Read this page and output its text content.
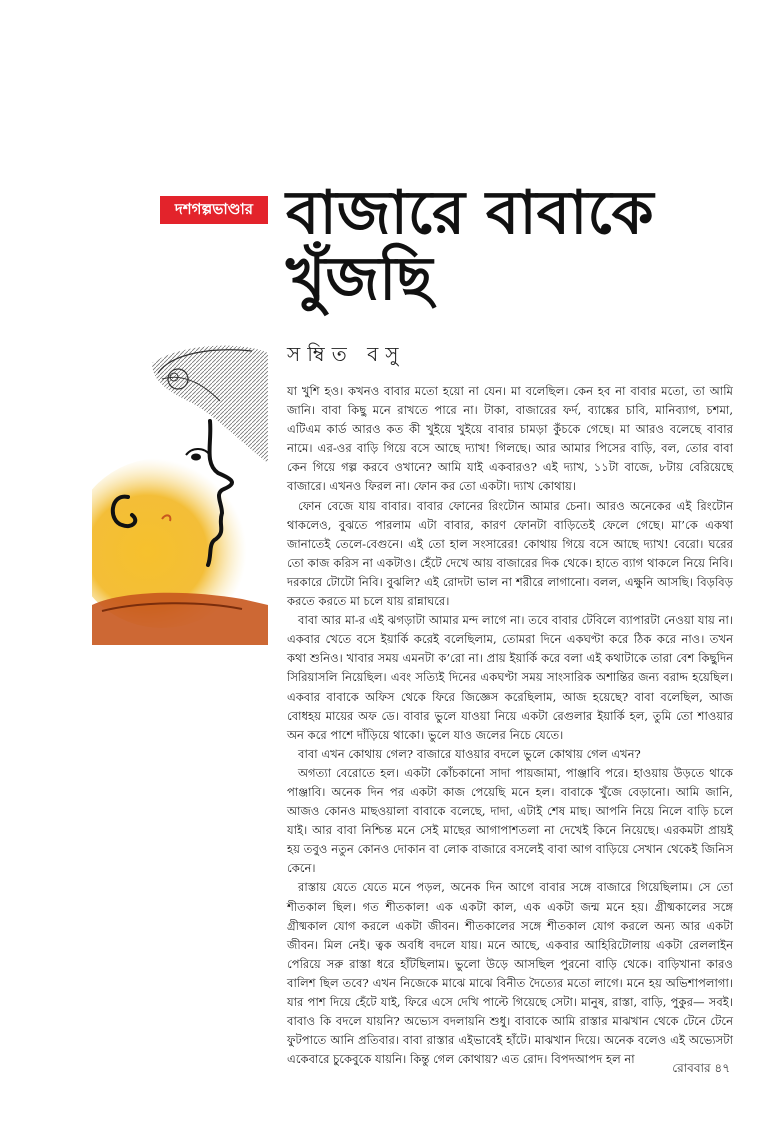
দশগল্পভাণ্ডার বাজারে বাবাকে
খুঁজছি
সম্বিত বসু

যা খুশি হও। কখনও বাবার মতো হয়ো না যেন। মা বলেছিল। কেন হব না বাবার মতো, তা আমি জানি। বাবা কিছু মনে রাখতে পারে না। টাকা, বাজারের ফর্দ, ব্যাঙ্কের চাবি, মানিব্যাগ, চশমা, এটিএম কার্ড আরও কত কী খুইয়ে খুইয়ে বাবার চামড়া কুঁচকে গেছে। মা আরও বলেছে বাবার নামে। এর-ওর বাড়ি গিয়ে বসে আছে দ্যাখ! গিলছে। আর আমার পিসের বাড়ি, বল, তোর বাবা কেন গিয়ে গল্প করবে ওখানে? আমি যাই একবারও? এই দ্যাখ, ১১টা বাজে, ৮টায় বেরিয়েছে বাজারে। এখনও ফিরল না। ফোন কর তো একটা। দ্যাখ কোথায়।

ফোন বেজে যায় বাবার। বাবার ফোনের রিংটোন আমার চেনা। আরও অনেকের এই রিংটোন থাকলেও, বুঝতে পারলাম এটা বাবার, কারণ ফোনটা বাড়িতেই ফেলে গেছে। মা’কে একথা জানাতেই তেলে-বেগুনে। এই তো হাল সংসারের! কোথায় গিয়ে বসে আছে দ্যাখ! বেরো। ঘরের তো কাজ করিস না একটাও। হেঁটে দেখে আয় বাজারের দিক থেকে। হাতে ব্যাগ থাকলে নিয়ে নিবি। দরকারে টোটো নিবি। বুঝলি? এই রোদটা ভাল না শরীরে লাগানো। বলল, এক্ষুনি আসছি। বিড়বিড় করতে করতে মা চলে যায় রান্নাঘরে।

বাবা আর মা-র এই ঝগড়াটা আমার মন্দ লাগে না। তবে বাবার টেবিলে ব্যাপারটা নেওয়া যায় না। একবার খেতে বসে ইয়ার্কি করেই বলেছিলাম, তোমরা দিনে একঘণ্টা করে ঠিক করে নাও। তখন কথা শুনিও। খাবার সময় এমনটা ক’রো না। প্রায় ইয়ার্কি করে বলা এই কথাটাকে তারা বেশ কিছুদিন সিরিয়াসলি নিয়েছিল। এবং সত্যিই দিনের একঘণ্টা সময় সাংসারিক অশান্তির জন্য বরাদ্দ হয়েছিল। একবার বাবাকে অফিস থেকে ফিরে জিজ্ঞেস করেছিলাম, আজ হয়েছে? বাবা বলেছিল, আজ বোধহয় মায়ের অফ ডে। বাবার ভুলে যাওয়া নিয়ে একটা রেগুলার ইয়ার্কি হল, তুমি তো শাওয়ার অন করে পাশে দাঁড়িয়ে থাকো। ভুলে যাও জলের নিচে যেতে।

বাবা এখন কোথায় গেল? বাজারে যাওয়ার বদলে ভুলে কোথায় গেল এখন?

অগত্যা বেরোতে হল। একটা কোঁচকানো সাদা পায়জামা, পাঞ্জাবি পরে। হাওয়ায় উড়তে থাকে পাঞ্জাবি। অনেক দিন পর একটা কাজ পেয়েছি মনে হল। বাবাকে খুঁজে বেড়ানো। আমি জানি, আজও কোনও মাছওয়ালা বাবাকে বলেছে, দাদা, এটাই শেষ মাছ। আপনি নিয়ে নিলে বাড়ি চলে যাই। আর বাবা নিশ্চিন্ত মনে সেই মাছের আগাপাশতলা না দেখেই কিনে নিয়েছে। এরকমটা প্রায়ই হয় তবুও নতুন কোনও দোকান বা লোক বাজারে বসলেই বাবা আগ বাড়িয়ে সেখান থেকেই জিনিস কেনে।

রাস্তায় যেতে যেতে মনে পড়ল, অনেক দিন আগে বাবার সঙ্গে বাজারে গিয়েছিলাম। সে তো শীতকাল ছিল। গত শীতকাল! এক একটা কাল, এক একটা জন্ম মনে হয়। গ্রীষ্মকালের সঙ্গে গ্রীষ্মকাল যোগ করলে একটা জীবন। শীতকালের সঙ্গে শীতকাল যোগ করলে অন্য আর একটা জীবন। মিল নেই। ত্বক অবধি বদলে যায়। মনে আছে, একবার আহিরিটোলায় একটা রেললাইন পেরিয়ে সরু রাস্তা ধরে হাঁটছিলাম। ভুলো উড়ে আসছিল পুরনো বাড়ি থেকে। বাড়িখানা কারও বালিশ ছিল তবে? এখন নিজেকে মাঝে মাঝে বিনীত দৈত্যের মতো লাগে। মনে হয় অভিশাপলাগা। যার পাশ দিয়ে হেঁটে যাই, ফিরে এসে দেখি পাল্টে গিয়েছে সেটা। মানুষ, রাস্তা, বাড়ি, পুকুর— সবই। বাবাও কি বদলে যায়নি? অভ্যেস বদলায়নি শুধু। বাবাকে আমি রাস্তার মাঝখান থেকে টেনে টেনে ফুটপাতে আনি প্রতিবার। বাবা রাস্তার এইভাবেই হাঁটে। মাঝখান দিয়ে। অনেক বলেও এই অভ্যেসটা একেবারে চুকেবুকে যায়নি। কিন্তু গেল কোথায়? এত রোদ। বিপদআপদ হল না

রোববার ৪৭
